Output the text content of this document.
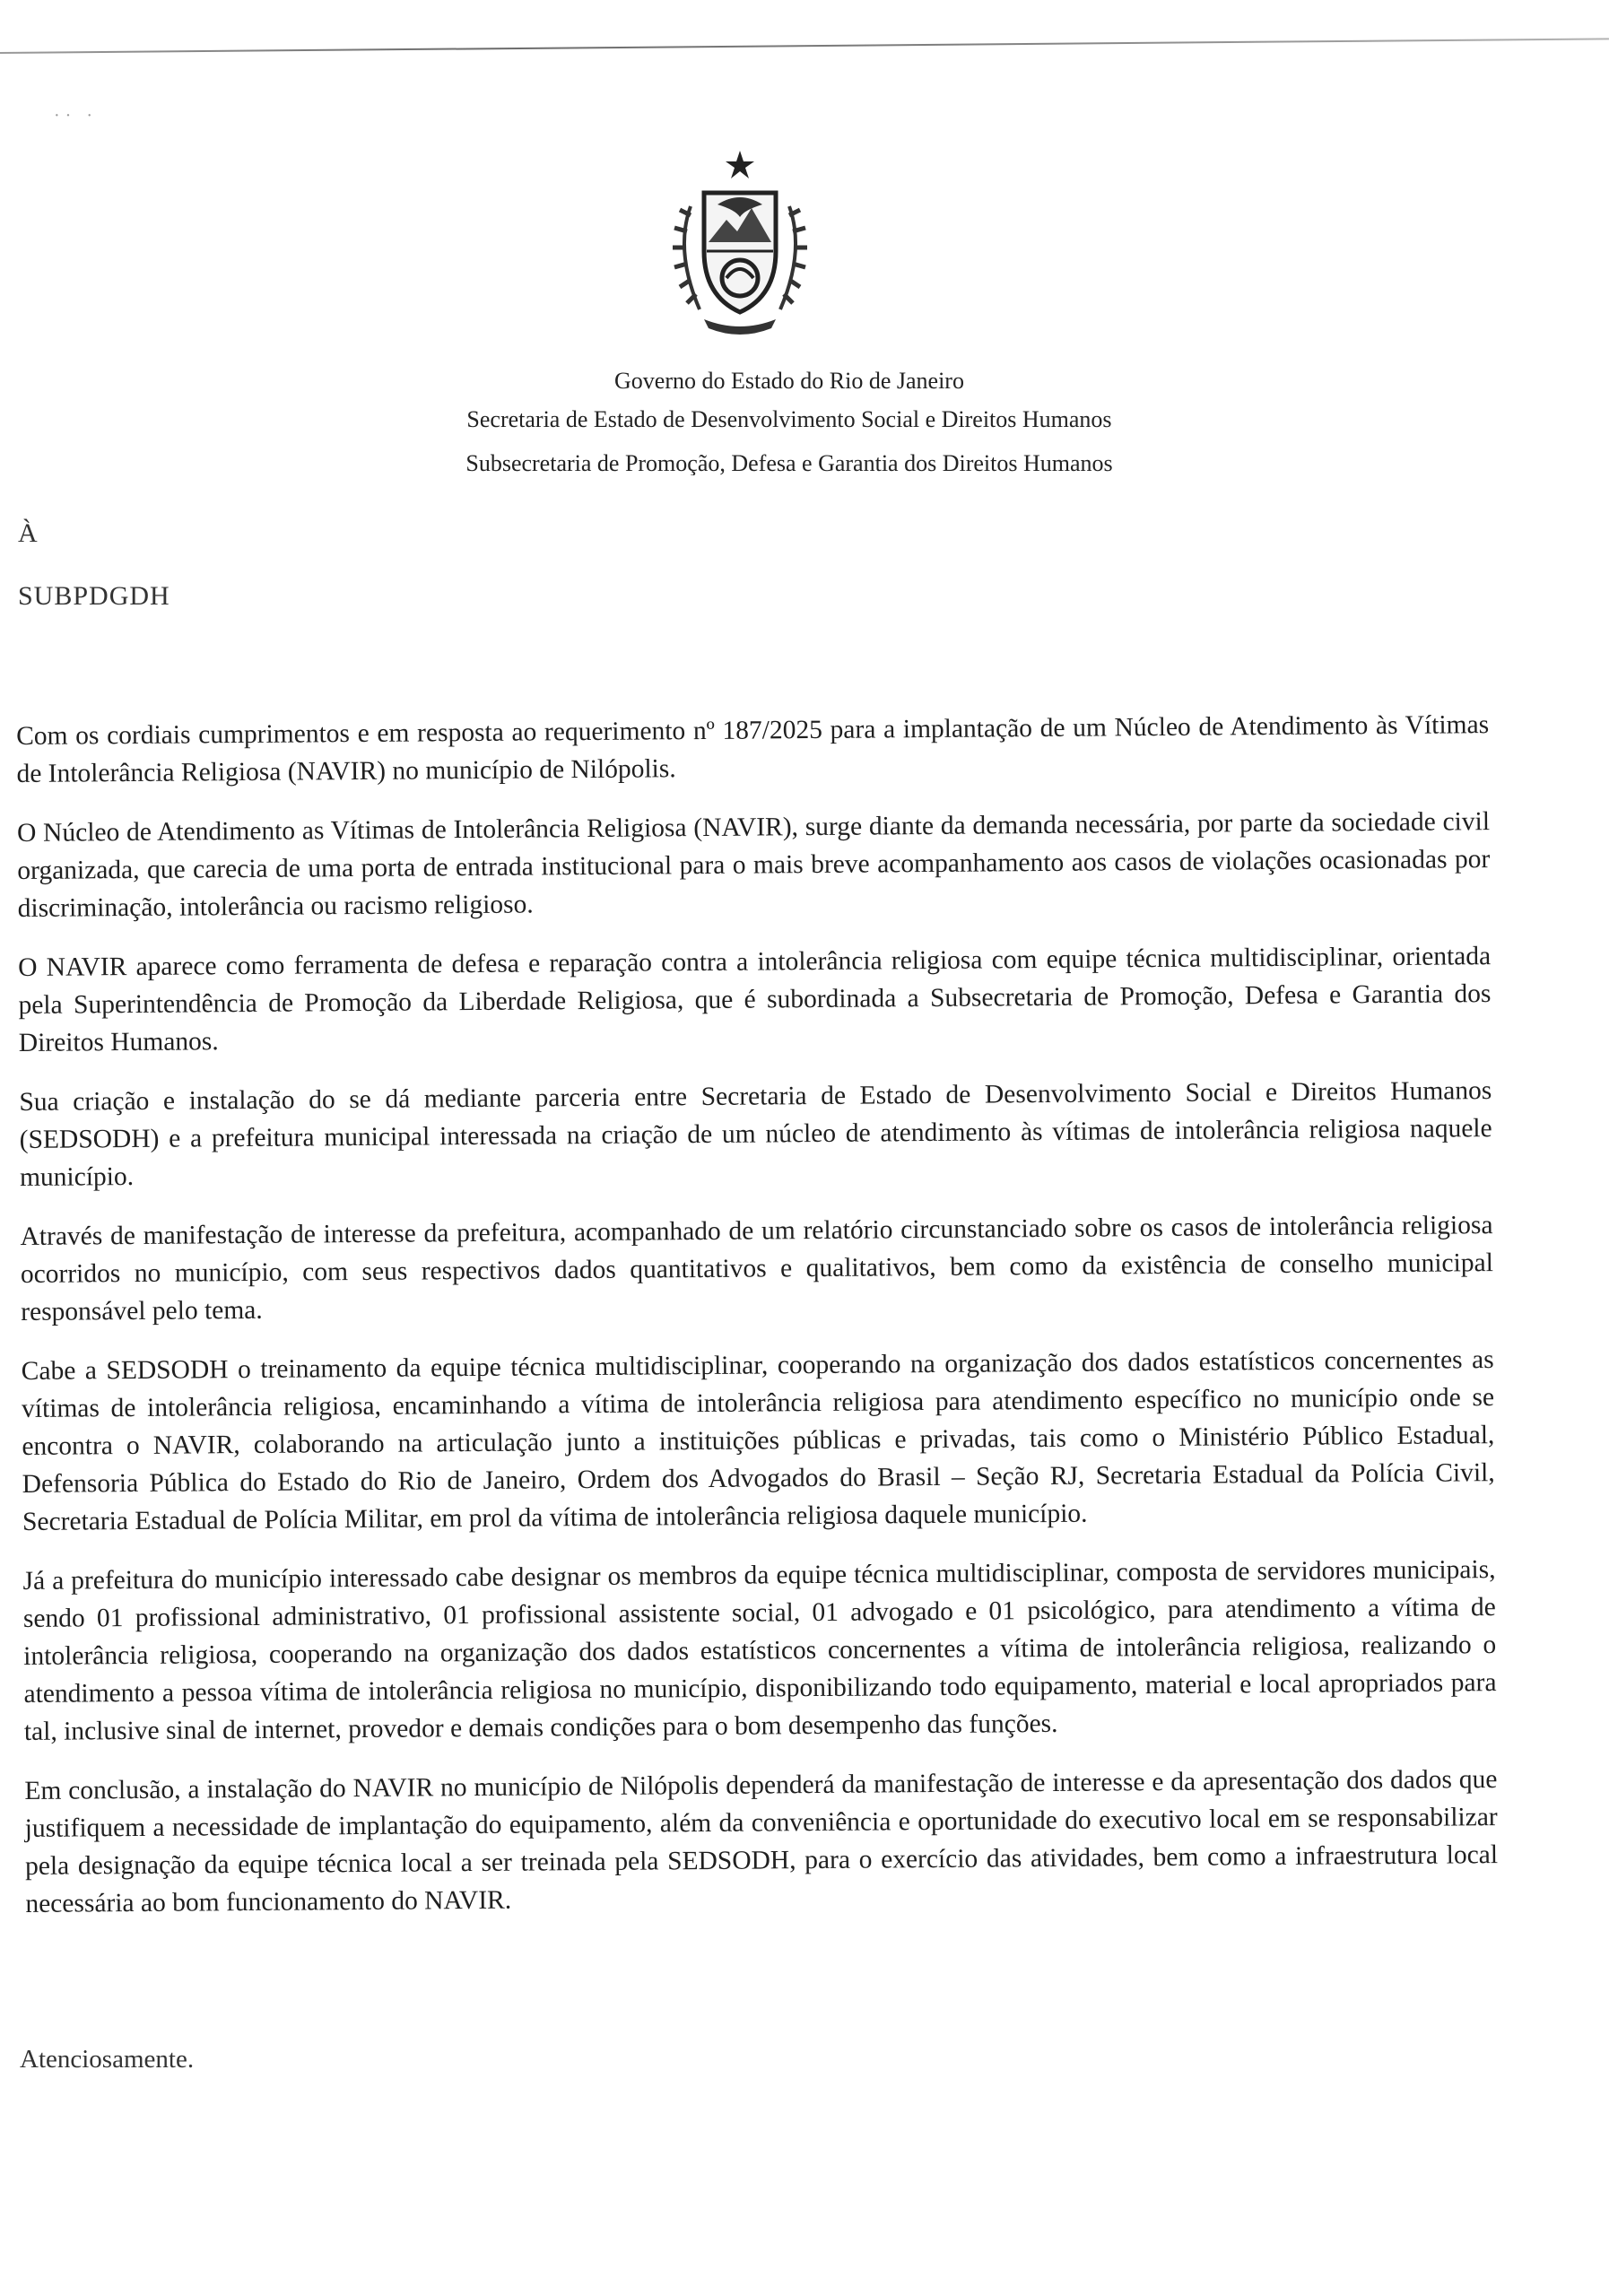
·· ·
Governo do Estado do Rio de Janeiro
Secretaria de Estado de Desenvolvimento Social e Direitos Humanos
Subsecretaria de Promoção, Defesa e Garantia dos Direitos Humanos
À
SUBPDGDH

Com os cordiais cumprimentos e em resposta ao requerimento nº 187/2025 para a implantação de um Núcleo de Atendimento às Vítimas de Intolerância Religiosa (NAVIR) no município de Nilópolis.

O Núcleo de Atendimento as Vítimas de Intolerância Religiosa (NAVIR), surge diante da demanda necessária, por parte da sociedade civil organizada, que carecia de uma porta de entrada institucional para o mais breve acompanhamento aos casos de violações ocasionadas por discriminação, intolerância ou racismo religioso.

O NAVIR aparece como ferramenta de defesa e reparação contra a intolerância religiosa com equipe técnica multidisciplinar, orientada pela Superintendência de Promoção da Liberdade Religiosa, que é subordinada a Subsecretaria de Promoção, Defesa e Garantia dos Direitos Humanos.

Sua criação e instalação do se dá mediante parceria entre Secretaria de Estado de Desenvolvimento Social e Direitos Humanos (SEDSODH) e a prefeitura municipal interessada na criação de um núcleo de atendimento às vítimas de intolerância religiosa naquele município.

Através de manifestação de interesse da prefeitura, acompanhado de um relatório circunstanciado sobre os casos de intolerância religiosa ocorridos no município, com seus respectivos dados quantitativos e qualitativos, bem como da existência de conselho municipal responsável pelo tema.

Cabe a SEDSODH o treinamento da equipe técnica multidisciplinar, cooperando na organização dos dados estatísticos concernentes as vítimas de intolerância religiosa, encaminhando a vítima de intolerância religiosa para atendimento específico no município onde se encontra o NAVIR, colaborando na articulação junto a instituições públicas e privadas, tais como o Ministério Público Estadual, Defensoria Pública do Estado do Rio de Janeiro, Ordem dos Advogados do Brasil – Seção RJ, Secretaria Estadual da Polícia Civil, Secretaria Estadual de Polícia Militar, em prol da vítima de intolerância religiosa daquele município.

Já a prefeitura do município interessado cabe designar os membros da equipe técnica multidisciplinar, composta de servidores municipais, sendo 01 profissional administrativo, 01 profissional assistente social, 01 advogado e 01 psicológico, para atendimento a vítima de intolerância religiosa, cooperando na organização dos dados estatísticos concernentes a vítima de intolerância religiosa, realizando o atendimento a pessoa vítima de intolerância religiosa no município, disponibilizando todo equipamento, material e local apropriados para tal, inclusive sinal de internet, provedor e demais condições para o bom desempenho das funções.

Em conclusão, a instalação do NAVIR no município de Nilópolis dependerá da manifestação de interesse e da apresentação dos dados que justifiquem a necessidade de implantação do equipamento, além da conveniência e oportunidade do executivo local em se responsabilizar pela designação da equipe técnica local a ser treinada pela SEDSODH, para o exercício das atividades, bem como a infraestrutura local necessária ao bom funcionamento do NAVIR.

Atenciosamente.
